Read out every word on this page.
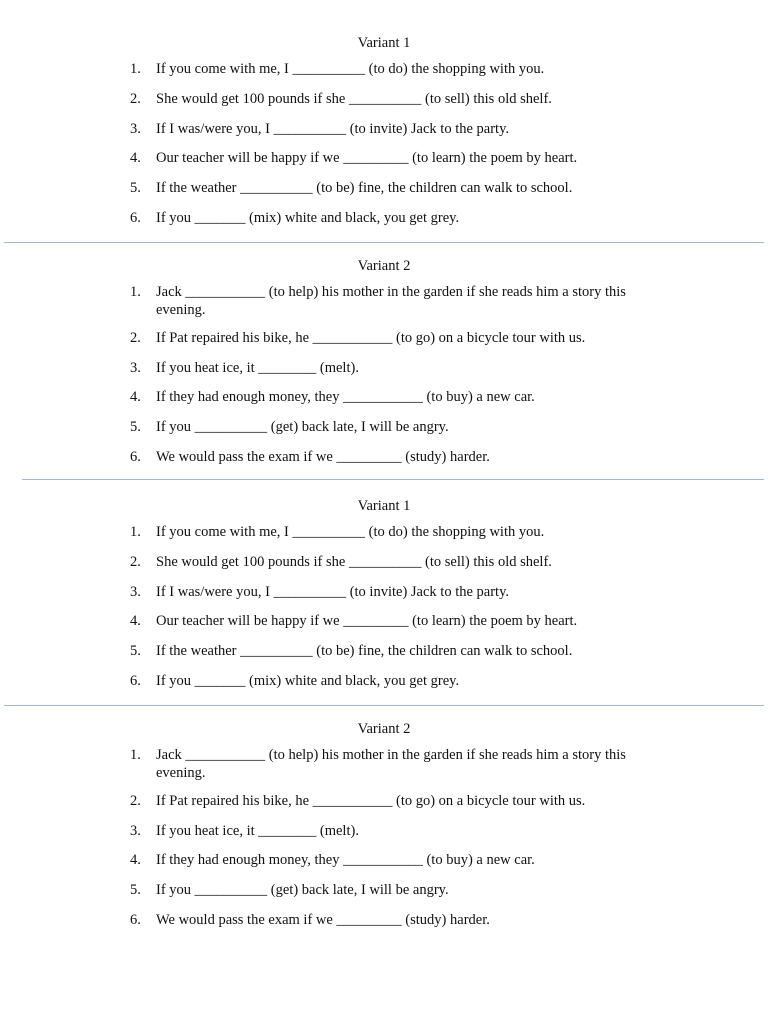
Variant 1
1.	If you come with me, I __________ (to do) the shopping with you.
2.	She would get 100 pounds if she __________ (to sell) this old shelf.
3.	If I was/were you, I __________ (to invite) Jack to the party.
4.	Our teacher will be happy if we _________ (to learn) the poem by heart.
5.	If the weather __________ (to be) fine, the children can walk to school.
6.	If you _______ (mix) white and black, you get grey.
Variant 2
1.	Jack ___________ (to help) his mother in the garden if she reads him a story this evening.
2.	If Pat repaired his bike, he ___________ (to go) on a bicycle tour with us.
3.	If you heat ice, it ________ (melt).
4.	If they had enough money, they ___________ (to buy) a new car.
5.	If you __________ (get) back late, I will be angry.
6.	We would pass the exam if we _________ (study) harder.
Variant 1
1.	If you come with me, I __________ (to do) the shopping with you.
2.	She would get 100 pounds if she __________ (to sell) this old shelf.
3.	If I was/were you, I __________ (to invite) Jack to the party.
4.	Our teacher will be happy if we _________ (to learn) the poem by heart.
5.	If the weather __________ (to be) fine, the children can walk to school.
6.	If you _______ (mix) white and black, you get grey.
Variant 2
1.	Jack ___________ (to help) his mother in the garden if she reads him a story this evening.
2.	If Pat repaired his bike, he ___________ (to go) on a bicycle tour with us.
3.	If you heat ice, it ________ (melt).
4.	If they had enough money, they ___________ (to buy) a new car.
5.	If you __________ (get) back late, I will be angry.
6.	We would pass the exam if we _________ (study) harder.
